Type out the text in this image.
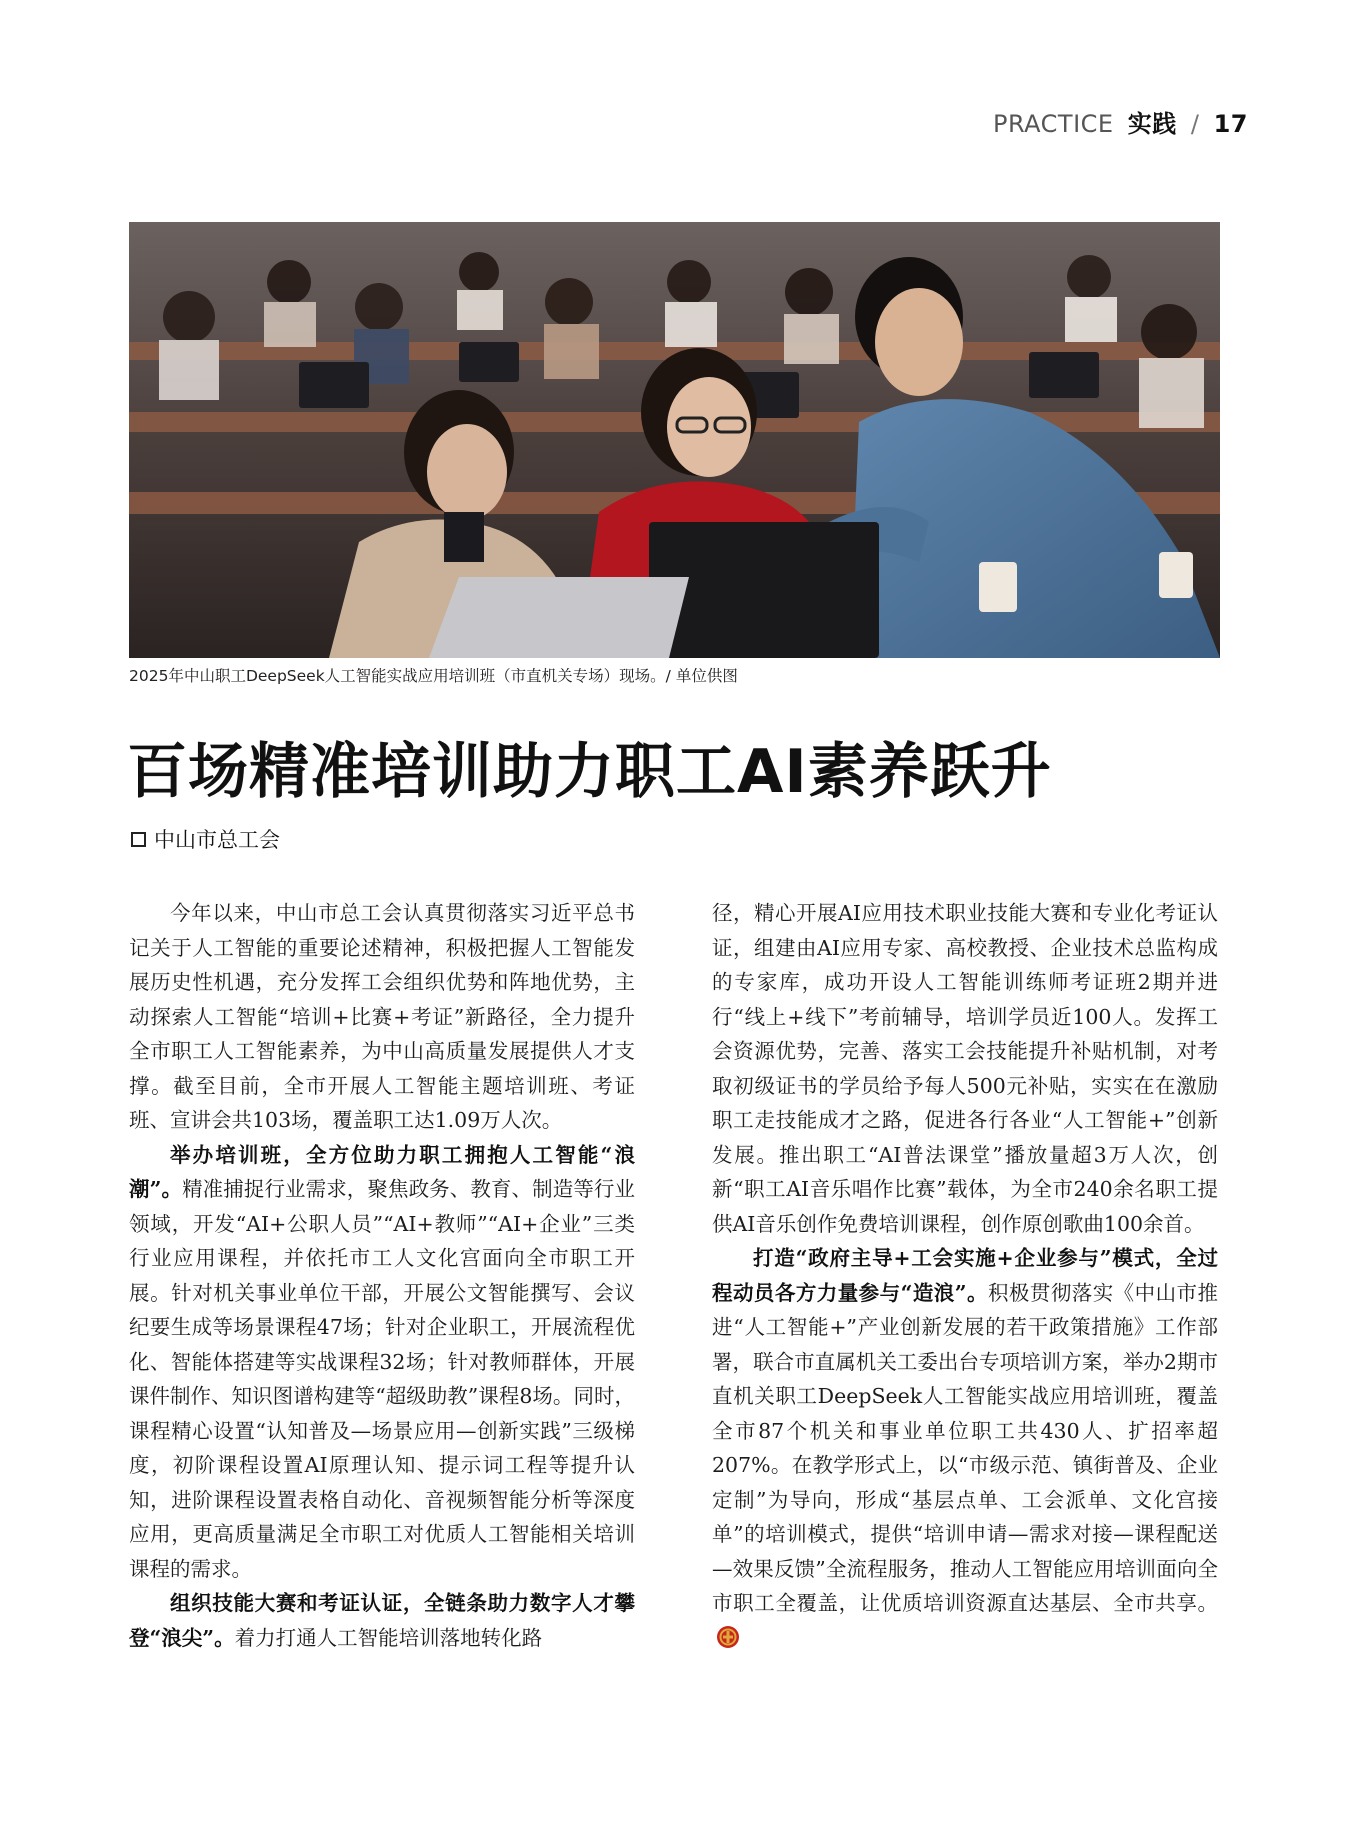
PRACTICE 实践 / 17
2025年中山职工DeepSeek人工智能实战应用培训班（市直机关专场）现场。/ 单位供图
百场精准培训助力职工AI素养跃升
中山市总工会

今年以来，中山市总工会认真贯彻落实习近平总书记关于人工智能的重要论述精神，积极把握人工智能发展历史性机遇，充分发挥工会组织优势和阵地优势，主动探索人工智能“培训+比赛+考证”新路径，全力提升全市职工人工智能素养，为中山高质量发展提供人才支撑。截至目前，全市开展人工智能主题培训班、考证班、宣讲会共103场，覆盖职工达1.09万人次。

举办培训班，全方位助力职工拥抱人工智能“浪潮”。精准捕捉行业需求，聚焦政务、教育、制造等行业领域，开发“AI+公职人员”“AI+教师”“AI+企业”三类行业应用课程，并依托市工人文化宫面向全市职工开展。针对机关事业单位干部，开展公文智能撰写、会议纪要生成等场景课程47场；针对企业职工，开展流程优化、智能体搭建等实战课程32场；针对教师群体，开展课件制作、知识图谱构建等“超级助教”课程8场。同时，课程精心设置“认知普及—场景应用—创新实践”三级梯度，初阶课程设置AI原理认知、提示词工程等提升认知，进阶课程设置表格自动化、音视频智能分析等深度应用，更高质量满足全市职工对优质人工智能相关培训课程的需求。

组织技能大赛和考证认证，全链条助力数字人才攀登“浪尖”。着力打通人工智能培训落地转化路

径，精心开展AI应用技术职业技能大赛和专业化考证认证，组建由AI应用专家、高校教授、企业技术总监构成的专家库，成功开设人工智能训练师考证班2期并进行“线上+线下”考前辅导，培训学员近100人。发挥工会资源优势，完善、落实工会技能提升补贴机制，对考取初级证书的学员给予每人500元补贴，实实在在激励职工走技能成才之路，促进各行各业“人工智能+”创新发展。推出职工“AI普法课堂”播放量超3万人次，创新“职工AI音乐唱作比赛”载体，为全市240余名职工提供AI音乐创作免费培训课程，创作原创歌曲100余首。

打造“政府主导+工会实施+企业参与”模式，全过程动员各方力量参与“造浪”。积极贯彻落实《中山市推进“人工智能+”产业创新发展的若干政策措施》工作部署，联合市直属机关工委出台专项培训方案，举办2期市直机关职工DeepSeek人工智能实战应用培训班，覆盖全市87个机关和事业单位职工共430人、扩招率超207%。在教学形式上，以“市级示范、镇街普及、企业定制”为导向，形成“基层点单、工会派单、文化宫接单”的培训模式，提供“培训申请—需求对接—课程配送—效果反馈”全流程服务，推动人工智能应用培训面向全市职工全覆盖，让优质培训资源直达基层、全市共享。
